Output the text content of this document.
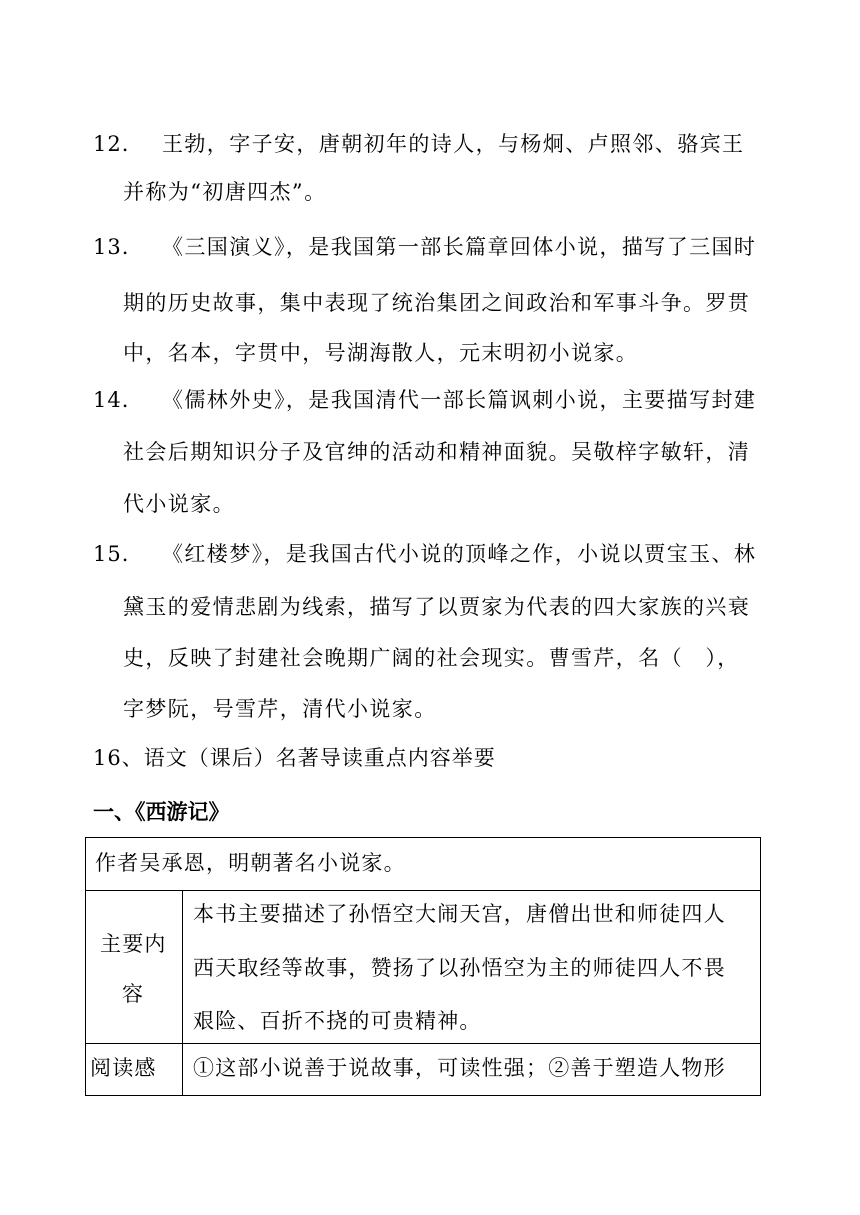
12. 王勃，字子安，唐朝初年的诗人，与杨炯、卢照邻、骆宾王
并称为“初唐四杰”。
13. 《三国演义》，是我国第一部长篇章回体小说，描写了三国时
期的历史故事，集中表现了统治集团之间政治和军事斗争。罗贯
中，名本，字贯中，号湖海散人，元末明初小说家。
14. 《儒林外史》，是我国清代一部长篇讽刺小说，主要描写封建
社会后期知识分子及官绅的活动和精神面貌。吴敬梓字敏轩，清
代小说家。
15. 《红楼梦》，是我国古代小说的顶峰之作，小说以贾宝玉、林
黛玉的爱情悲剧为线索，描写了以贾家为代表的四大家族的兴衰
史，反映了封建社会晚期广阔的社会现实。曹雪芹，名（　），
字梦阮，号雪芹，清代小说家。
16、语文（课后）名著导读重点内容举要
一、《西游记》
作者吴承恩，明朝著名小说家。
主要内
容
本书主要描述了孙悟空大闹天宫，唐僧出世和师徒四人
西天取经等故事，赞扬了以孙悟空为主的师徒四人不畏
艰险、百折不挠的可贵精神。
阅读感 ①这部小说善于说故事，可读性强；②善于塑造人物形
